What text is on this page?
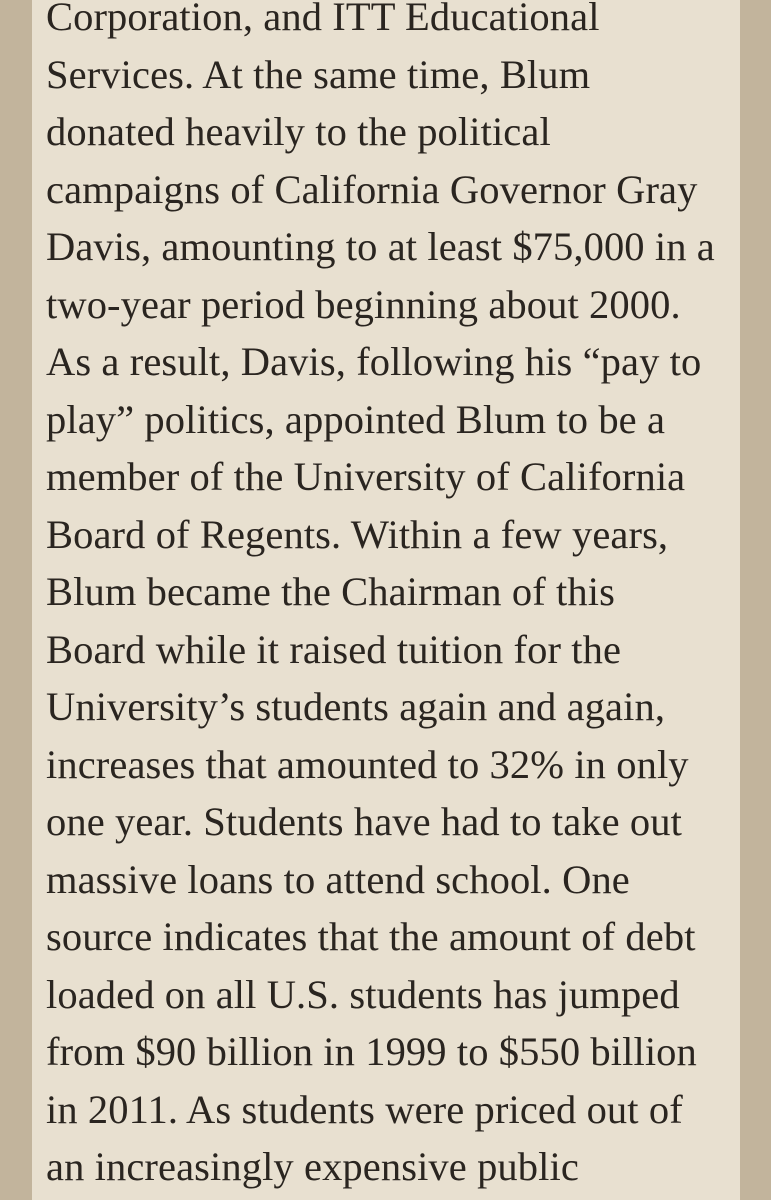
Corporation, and ITT Educational
Services. At the same time, Blum
donated heavily to the political
campaigns of California Governor Gray
Davis, amounting to at least $75,000 in a
two-year period beginning about 2000.
As a result, Davis, following his “pay to
play” politics, appointed Blum to be a
member of the University of California
Board of Regents. Within a few years,
Blum became the Chairman of this
Board while it raised tuition for the
University’s students again and again,
increases that amounted to 32% in only
one year. Students have had to take out
massive loans to attend school. One
source indicates that the amount of debt
loaded on all U.S. students has jumped
from $90 billion in 1999 to $550 billion
in 2011. As students were priced out of
an increasingly expensive public
